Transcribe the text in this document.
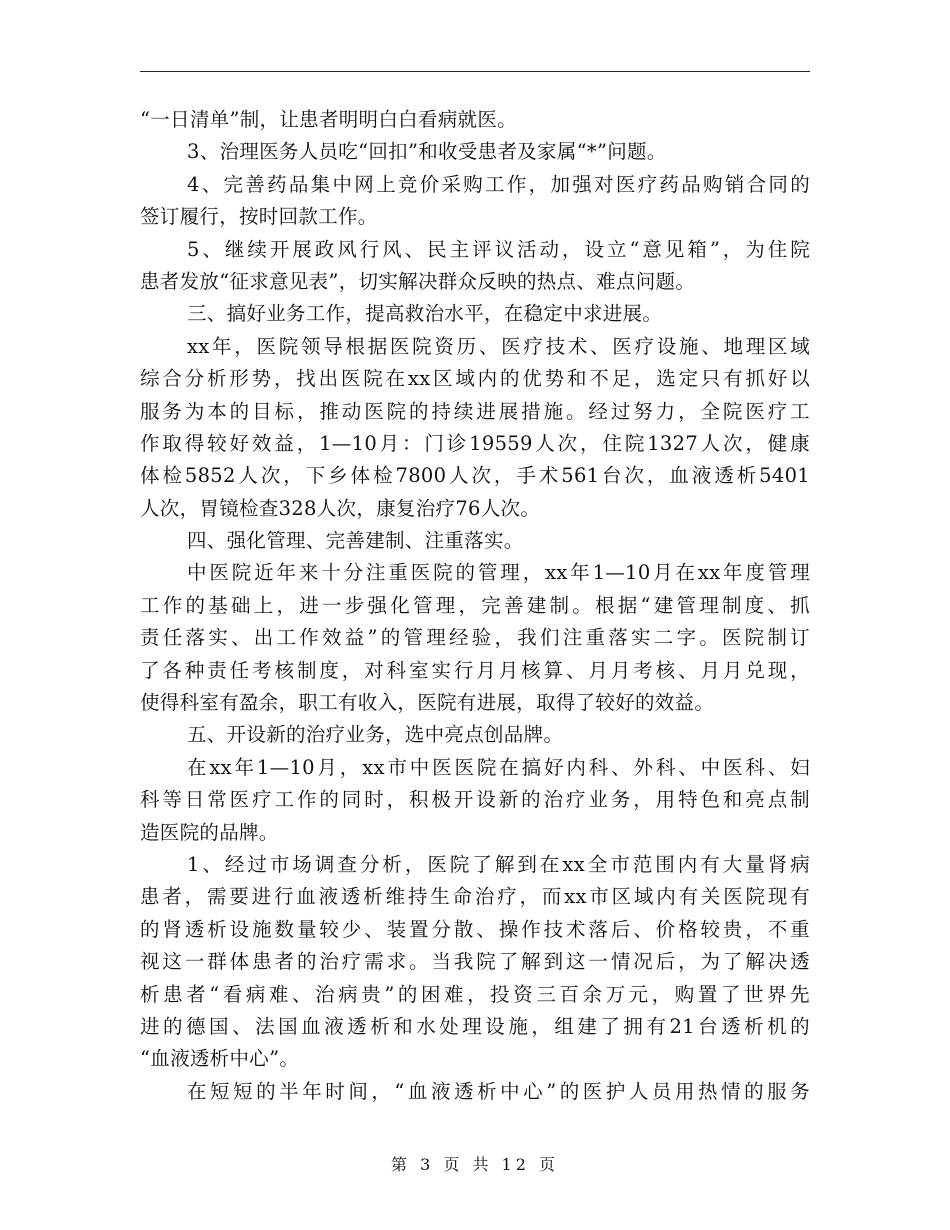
“一日清单”制，让患者明明白白看病就医。
3、治理医务人员吃“回扣”和收受患者及家属“*”问题。
4、完善药品集中网上竞价采购工作，加强对医疗药品购销合同的
签订履行，按时回款工作。
5、继续开展政风行风、民主评议活动，设立“意见箱”，为住院
患者发放“征求意见表”，切实解决群众反映的热点、难点问题。
三、搞好业务工作，提高救治水平，在稳定中求进展。
xx年，医院领导根据医院资历、医疗技术、医疗设施、地理区域
综合分析形势，找出医院在xx区域内的优势和不足，选定只有抓好以
服务为本的目标，推动医院的持续进展措施。经过努力，全院医疗工
作取得较好效益，1—10月：门诊19559人次，住院1327人次，健康
体检5852人次，下乡体检7800人次，手术561台次，血液透析5401
人次，胃镜检查328人次，康复治疗76人次。
四、强化管理、完善建制、注重落实。
中医院近年来十分注重医院的管理，xx年1—10月在xx年度管理
工作的基础上，进一步强化管理，完善建制。根据“建管理制度、抓
责任落实、出工作效益”的管理经验，我们注重落实二字。医院制订
了各种责任考核制度，对科室实行月月核算、月月考核、月月兑现，
使得科室有盈余，职工有收入，医院有进展，取得了较好的效益。
五、开设新的治疗业务，选中亮点创品牌。
在xx年1—10月，xx市中医医院在搞好内科、外科、中医科、妇
科等日常医疗工作的同时，积极开设新的治疗业务，用特色和亮点制
造医院的品牌。
1、经过市场调查分析，医院了解到在xx全市范围内有大量肾病
患者，需要进行血液透析维持生命治疗，而xx市区域内有关医院现有
的肾透析设施数量较少、装置分散、操作技术落后、价格较贵，不重
视这一群体患者的治疗需求。当我院了解到这一情况后，为了解决透
析患者“看病难、治病贵”的困难，投资三百余万元，购置了世界先
进的德国、法国血液透析和水处理设施，组建了拥有21台透析机的
“血液透析中心”。
在短短的半年时间，“血液透析中心”的医护人员用热情的服务
第 3 页 共 12 页
